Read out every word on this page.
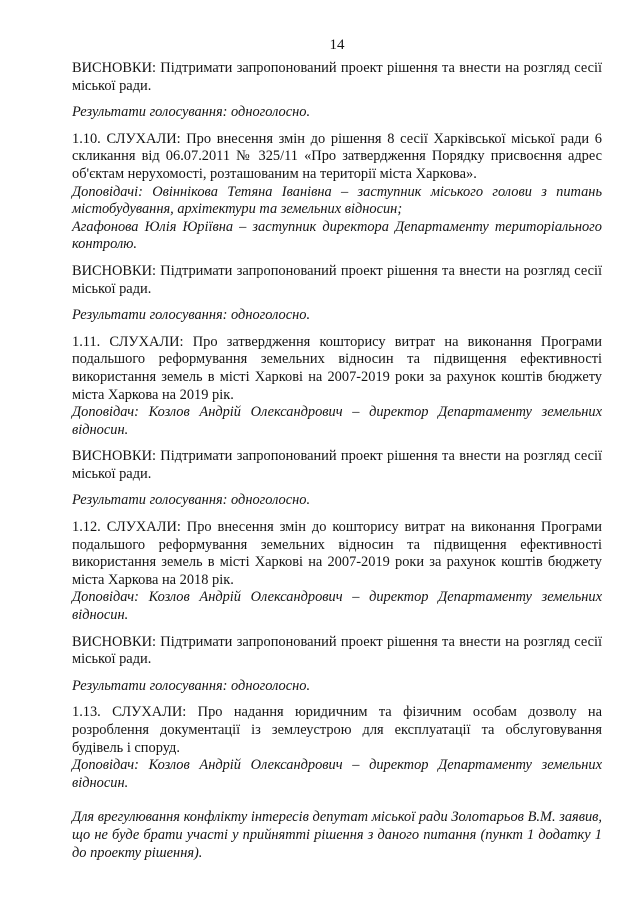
14

ВИСНОВКИ: Підтримати запропонований проект рішення та внести на розгляд сесії міської ради.

Результати голосування: одноголосно.

1.10. СЛУХАЛИ: Про внесення змін до рішення 8 сесії Харківської міської ради 6 скликання від 06.07.2011 № 325/11 «Про затвердження Порядку присвоєння адрес об'єктам нерухомості, розташованим на території міста Харкова».

Доповідачі: Овіннікова Тетяна Іванівна – заступник міського голови з питань містобудування, архітектури та земельних відносин;

Агафонова Юлія Юріївна – заступник директора Департаменту територіального контролю.

ВИСНОВКИ: Підтримати запропонований проект рішення та внести на розгляд сесії міської ради.

Результати голосування: одноголосно.

1.11. СЛУХАЛИ: Про затвердження кошторису витрат на виконання Програми подальшого реформування земельних відносин та підвищення ефективності використання земель в місті Харкові на 2007-2019 роки за рахунок коштів бюджету міста Харкова на 2019 рік.

Доповідач: Козлов Андрій Олександрович – директор Департаменту земельних відносин.

ВИСНОВКИ: Підтримати запропонований проект рішення та внести на розгляд сесії міської ради.

Результати голосування: одноголосно.

1.12. СЛУХАЛИ: Про внесення змін до кошторису витрат на виконання Програми подальшого реформування земельних відносин та підвищення ефективності використання земель в місті Харкові на 2007-2019 роки за рахунок коштів бюджету міста Харкова на 2018 рік.

Доповідач: Козлов Андрій Олександрович – директор Департаменту земельних відносин.

ВИСНОВКИ: Підтримати запропонований проект рішення та внести на розгляд сесії міської ради.

Результати голосування: одноголосно.

1.13. СЛУХАЛИ: Про надання юридичним та фізичним особам дозволу на розроблення документації із землеустрою для експлуатації та обслуговування будівель і споруд.

Доповідач: Козлов Андрій Олександрович – директор Департаменту земельних відносин.

Для врегулювання конфлікту інтересів депутат міської ради Золотарьов В.М. заявив, що не буде брати участі у прийнятті рішення з даного питання (пункт 1 додатку 1 до проекту рішення).
